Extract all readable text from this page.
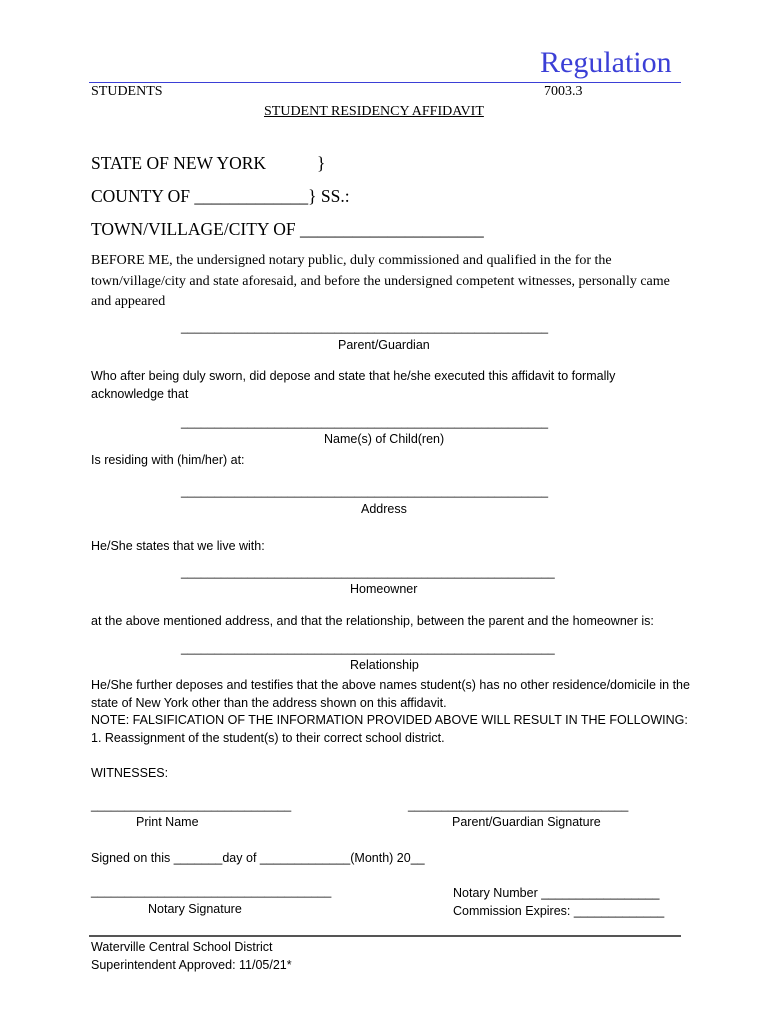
Regulation
STUDENTS	7003.3
STUDENT RESIDENCY AFFIDAVIT
STATE OF NEW YORK	}
COUNTY OF _____________} SS.:
TOWN/VILLAGE/CITY OF _____________________
BEFORE ME, the undersigned notary public, duly commissioned and qualified in the for the town/village/city and state aforesaid, and before the undersigned competent witnesses, personally came and appeared
_______________________________________________________
Parent/Guardian
Who after being duly sworn, did depose and state that he/she executed this affidavit to formally acknowledge that
_______________________________________________________
Name(s) of Child(ren)
Is residing with (him/her) at:
_______________________________________________________
Address
He/She states that we live with:
________________________________________________________
Homeowner
at the above mentioned address, and that the relationship, between the parent and the homeowner is:
________________________________________________________
Relationship
He/She further deposes and testifies that the above names student(s) has no other residence/domicile in the state of New York other than the address shown on this affidavit.
NOTE: FALSIFICATION OF THE INFORMATION PROVIDED ABOVE WILL RESULT IN THE FOLLOWING:
1. Reassignment of the student(s) to their correct school district.
WITNESSES:
______________________________
Print Name
_________________________________
Parent/Guardian Signature
Signed on this _______day of _____________(Month) 20__
____________________________________
Notary Signature
Notary Number _________________
Commission Expires: _____________
Waterville Central School District
Superintendent Approved: 11/05/21*
